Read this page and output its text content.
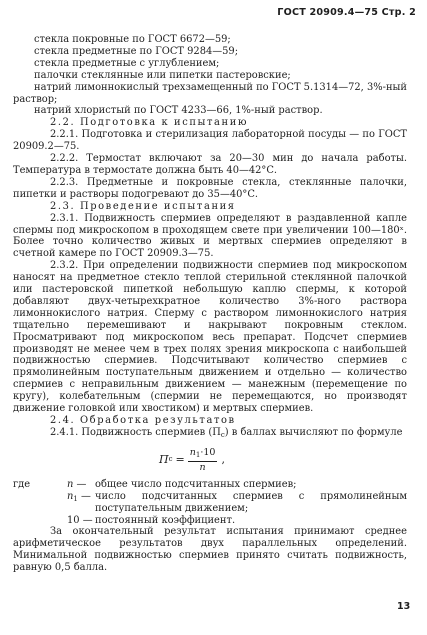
ГОСТ 20909.4—75 Стр. 2

стекла покровные по ГОСТ 6672—59;

стекла предметные по ГОСТ 9284—59;

стекла предметные с углублением;

палочки стеклянные или пипетки пастеровские;

натрий лимоннокислый трехзамещенный по ГОСТ 5.1314—72, 3%-ный раствор;

натрий хлористый по ГОСТ 4233—66, 1%-ный раствор.

2.2. Подготовка к испытанию

2.2.1. Подготовка и стерилизация лабораторной посуды — по ГОСТ 20909.2—75.

2.2.2. Термостат включают за 20—30 мин до начала работы. Температура в термостате должна быть 40—42°С.

2.2.3. Предметные и покровные стекла, стеклянные палочки, пипетки и растворы подогревают до 35—40°С.

2.3. Проведение испытания

2.3.1. Подвижность спермиев определяют в раздавленной капле спермы под микроскопом в проходящем свете при увеличении 100—180ˣ. Более точно количество живых и мертвых спермиев определяют в счетной камере по ГОСТ 20909.3—75.

2.3.2. При определении подвижности спермиев под микроскопом наносят на предметное стекло теплой стерильной стеклянной палочкой или пастеровской пипеткой небольшую каплю спермы, к которой добавляют двух-четырехкратное количество 3%-ного раствора лимоннокислого натрия. Сперму с раствором лимоннокислого натрия тщательно перемешивают и накрывают покровным стеклом. Просматривают под микроскопом весь препарат. Подсчет спермиев производят не менее чем в трех полях зрения микроскопа с наибольшей подвижностью спермиев. Подсчитывают количество спермиев с прямолинейным поступательным движением и отдельно — количество спермиев с неправильным движением — манежным (перемещение по кругу), колебательным (спермии не перемещаются, но производят движение головкой или хвостиком) и мертвых спермиев.

2.4. Обработка результатов

2.4.1. Подвижность спермиев $(П_с)$ в баллах вычисляют по формуле

П $с = \frac{n_1\cdot 10}{n}$ ,
где	n — общее число подсчитанных спермиев;
$n_1$ — число подсчитанных спермиев с прямолинейным поступательным движением;
10 — постоянный коэффициент.

За окончательный результат испытания принимают среднее арифметическое результатов двух параллельных определений. Минимальной подвижностью спермиев принято считать подвижность, равную 0,5 балла.

13
